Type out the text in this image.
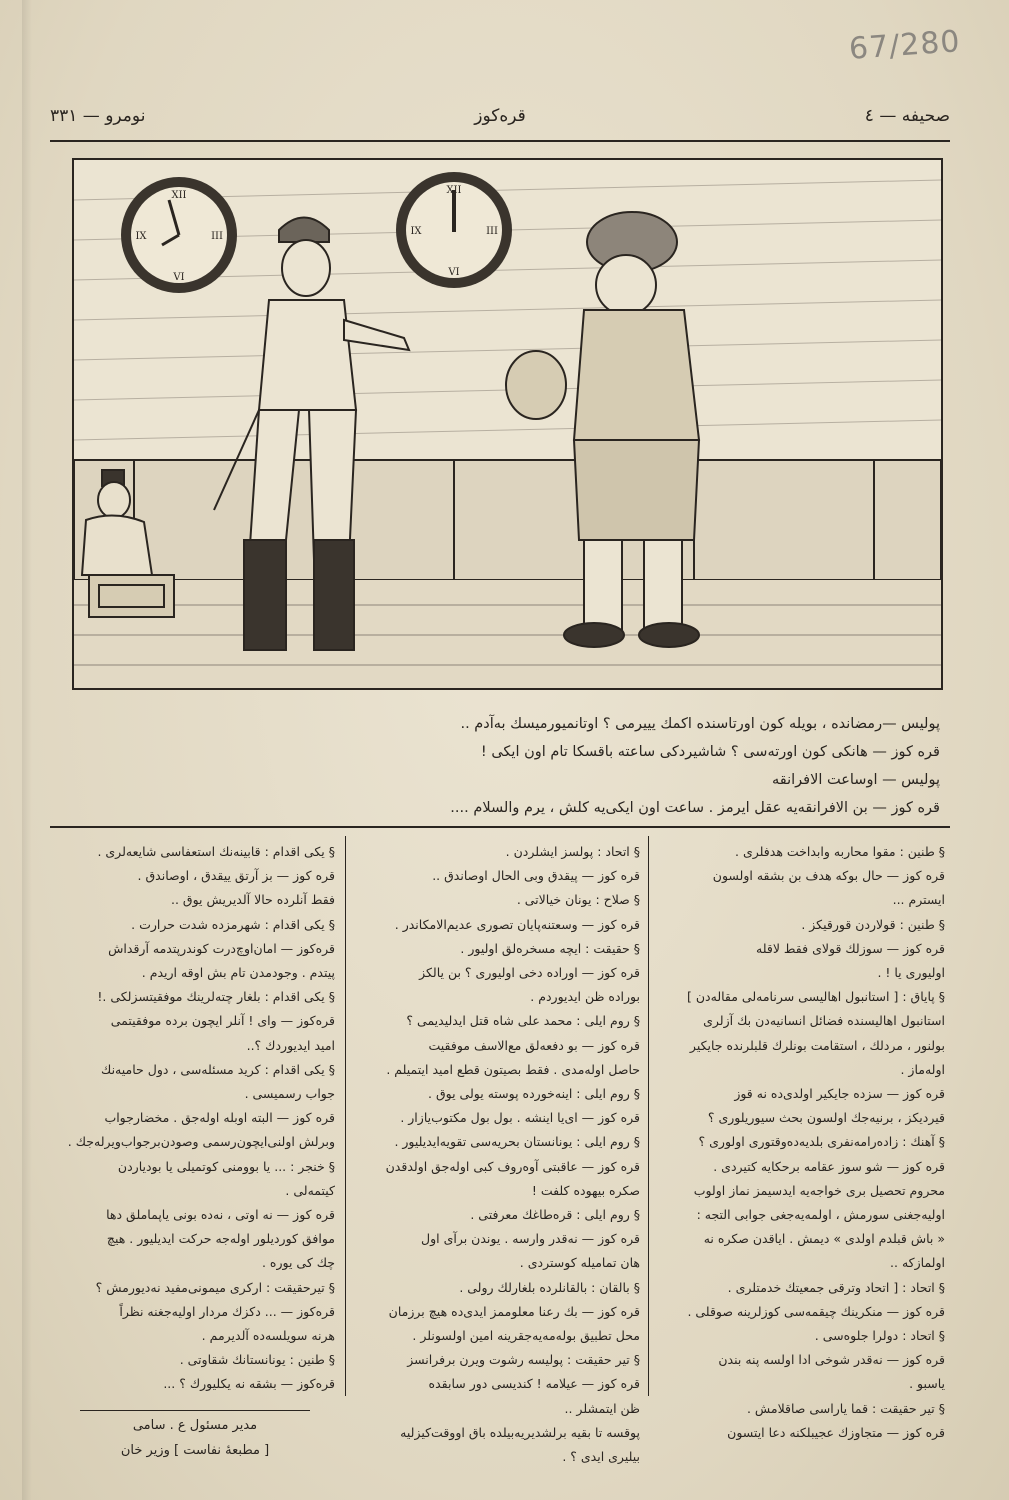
67/280
صحیفه — ٤
قره‌کوز
نومرو — ٣٣١
XII
III
VI
IX
XII
III
VI
IX
پولیس —رمضانده ، بویله کون اورتاسنده اکمك یییرمی ؟ اوتانمیورمیسك بەآدم ..
قره کوز — هانکی کون اورته‌سی ؟ شاشیردکی ساعته باقسکا تام اون ایکی !
پولیس — اوساعت الافرانقه
قره کوز — بن الافرانقه‌یه عقل ایرمز . ساعت اون ایکی‌یه کلش ، یرم والسلام ....
§ طنین : مقوا محاربه وابداخت هدفلری .
قره کوز — حال بوکه هدف بن بشقه اولسون
ایسترم ...
§ طنین : قولاردن قورقیکز .
قره کوز — سوزلك قولای فقط لاقله
اولیوری یا ! .
§ پایاق : [ استانبول اهالیسی سرنامه‌لی مقاله‌دن ]
استانبول اهالیسنده فضائل انسانیه‌دن بك آزلری
بولنور ، مردلك ، استقامت بونلرك قلبلرنده جایکیر
اوله‌ماز .
قره کوز — سزده جایکیر اولدی‌ده نه قوز
قیردیکز ، برنیه‌جك اولسون بحث سیوریلوری ؟
§ آهنك : زاده‌رامه‌نفری بلدیه‌ده‌وقتوری اولوری ؟
قره کوز — شو سوز عقامه برحکایه کتیردی .
محروم تحصیل بری خواجه‌یه ایدسیمز نماز اولوب
اولیه‌جغنی سورمش ، اولمه‌یه‌جغی جوابی التجه :
« باش قبلدم اولدی » دیمش . ایاقدن صکره نه
اولمازکه ..
§ اتحاد : [ اتحاد وترقی جمعیتك خدمتلری .
قره کوز — منکرینك چیقمه‌سی کوزلرینه صوقلی .
§ اتحاد : دولرا جلوه‌سی .
قره کوز — نه‌قدر شوخی ادا اولسه پنه بندن
یاسبو .
§ تیر حقیقت : قما یاراسی صاقلامش .
قره کوز — متجاوزك عجیبلکنه دعا ایتسون
§ اتحاد : پولسز ایشلردن .
قره کوز — پیقدق وبی الحال اوصاندق ..
§ صلاح : یونان خیالاتی .
قره کوز — وسعتنه‌پایان تصوری عدیم‌الامکاندر .
§ حقیقت : ایچه مسخره‌لق اولیور .
قره کوز — اوراده دخی اولیوری ؟ بن یالکز
بوراده ظن ایدیوردم .
§ روم ایلی : محمد علی شاه قتل ایدلیدیمی ؟
قره کوز — بو دفعه‌لق مع‌الاسف موفقیت
حاصل اوله‌مدی . فقط بصیتون قطع امید ایتمیلم .
§ روم ایلی : اینه‌خورده پوسته یولی یوق .
قره کوز — ای‌یا اینشه . بول بول مکتوب‌یازار .
§ روم ایلی : یونانستان بحریه‌سی تقویه‌ایدیلیور .
قره کوز — عاقبتی آوه‌روف کبی اوله‌جق اولدقدن
صکره بیهوده کلفت !
§ روم ایلی : قره‌طاغك معرفتی .
قره کوز — نه‌قدر وارسه . یوندن برآی اول
هان تمامیله کوستردی .
§ بالقان : بالقانلرده بلغارلك رولی .
قره کوز — بك رعنا معلوممز ایدی‌ده هیچ برزمان
محل تطبیق بوله‌مه‌یه‌جقرینه امین اولسونلر .
§ تیر حقیقت : پولیسه رشوت ویرن برفرانسز
قره کوز — عیلامه ! کندیسی دور سابقده
ظن ایتمشلر ..
پوقسه تا بقیه برلشدیریه‌بیلده باق اووقت‌کیزلیه
بیلیری ایدی ؟ .
§ یکی اقدام : قابینه‌نك استعفاسی شایعه‌لری .
قره کوز — بز آرتق ییقدق ، اوصاندق .
فقط آنلرده حالا آلدیریش یوق ..
§ یکی اقدام : شهرمزده شدت حرارت .
قره‌کوز — امان‌اوچ‌درت کوندرپتدمه آرقداش
پیتدم . وجودمدن تام بش اوقه اریدم .
§ یکی اقدام : بلغار چته‌لرینك موفقیتسزلکی .!
قره‌کوز — وای ! آنلر ایچون برده موفقیتمی
امید ایدیوردك ؟..
§ یکی اقدام : کرید مسئله‌سی ، دول حامیه‌نك
جواب رسمیسی .
قره کوز — البته اوبله اوله‌جق . مخضارجواب
وبرلش اولنی‌ایچون‌رسمی وصودن‌برجواب‌ویرله‌جك .
§ خنجر : ... یا بوومنی کوتمیلی یا بودیاردن
کیتمه‌لی .
قره کوز — نه اوتی ، نه‌ده بونی یاپماملق دها
موافق کوردیلور اوله‌جه حرکت ایدیلیور . هیچ
چك کی یوره .
§ تیرحقیقت : ارکری میمونی‌مفید نه‌دیورمش ؟
قره‌کوز — ... دکزك مردار اولیه‌جغنه نظراً
هرنه سویلسه‌ده آلدیرمم .
§ طنین : یونانستانك شقاوتی .
قره‌کوز — بشقه نه یکلیورك ؟ ...
مدیر مسئول ع . سامی
[ مطبعهٔ نفاست ] وزیر خان
